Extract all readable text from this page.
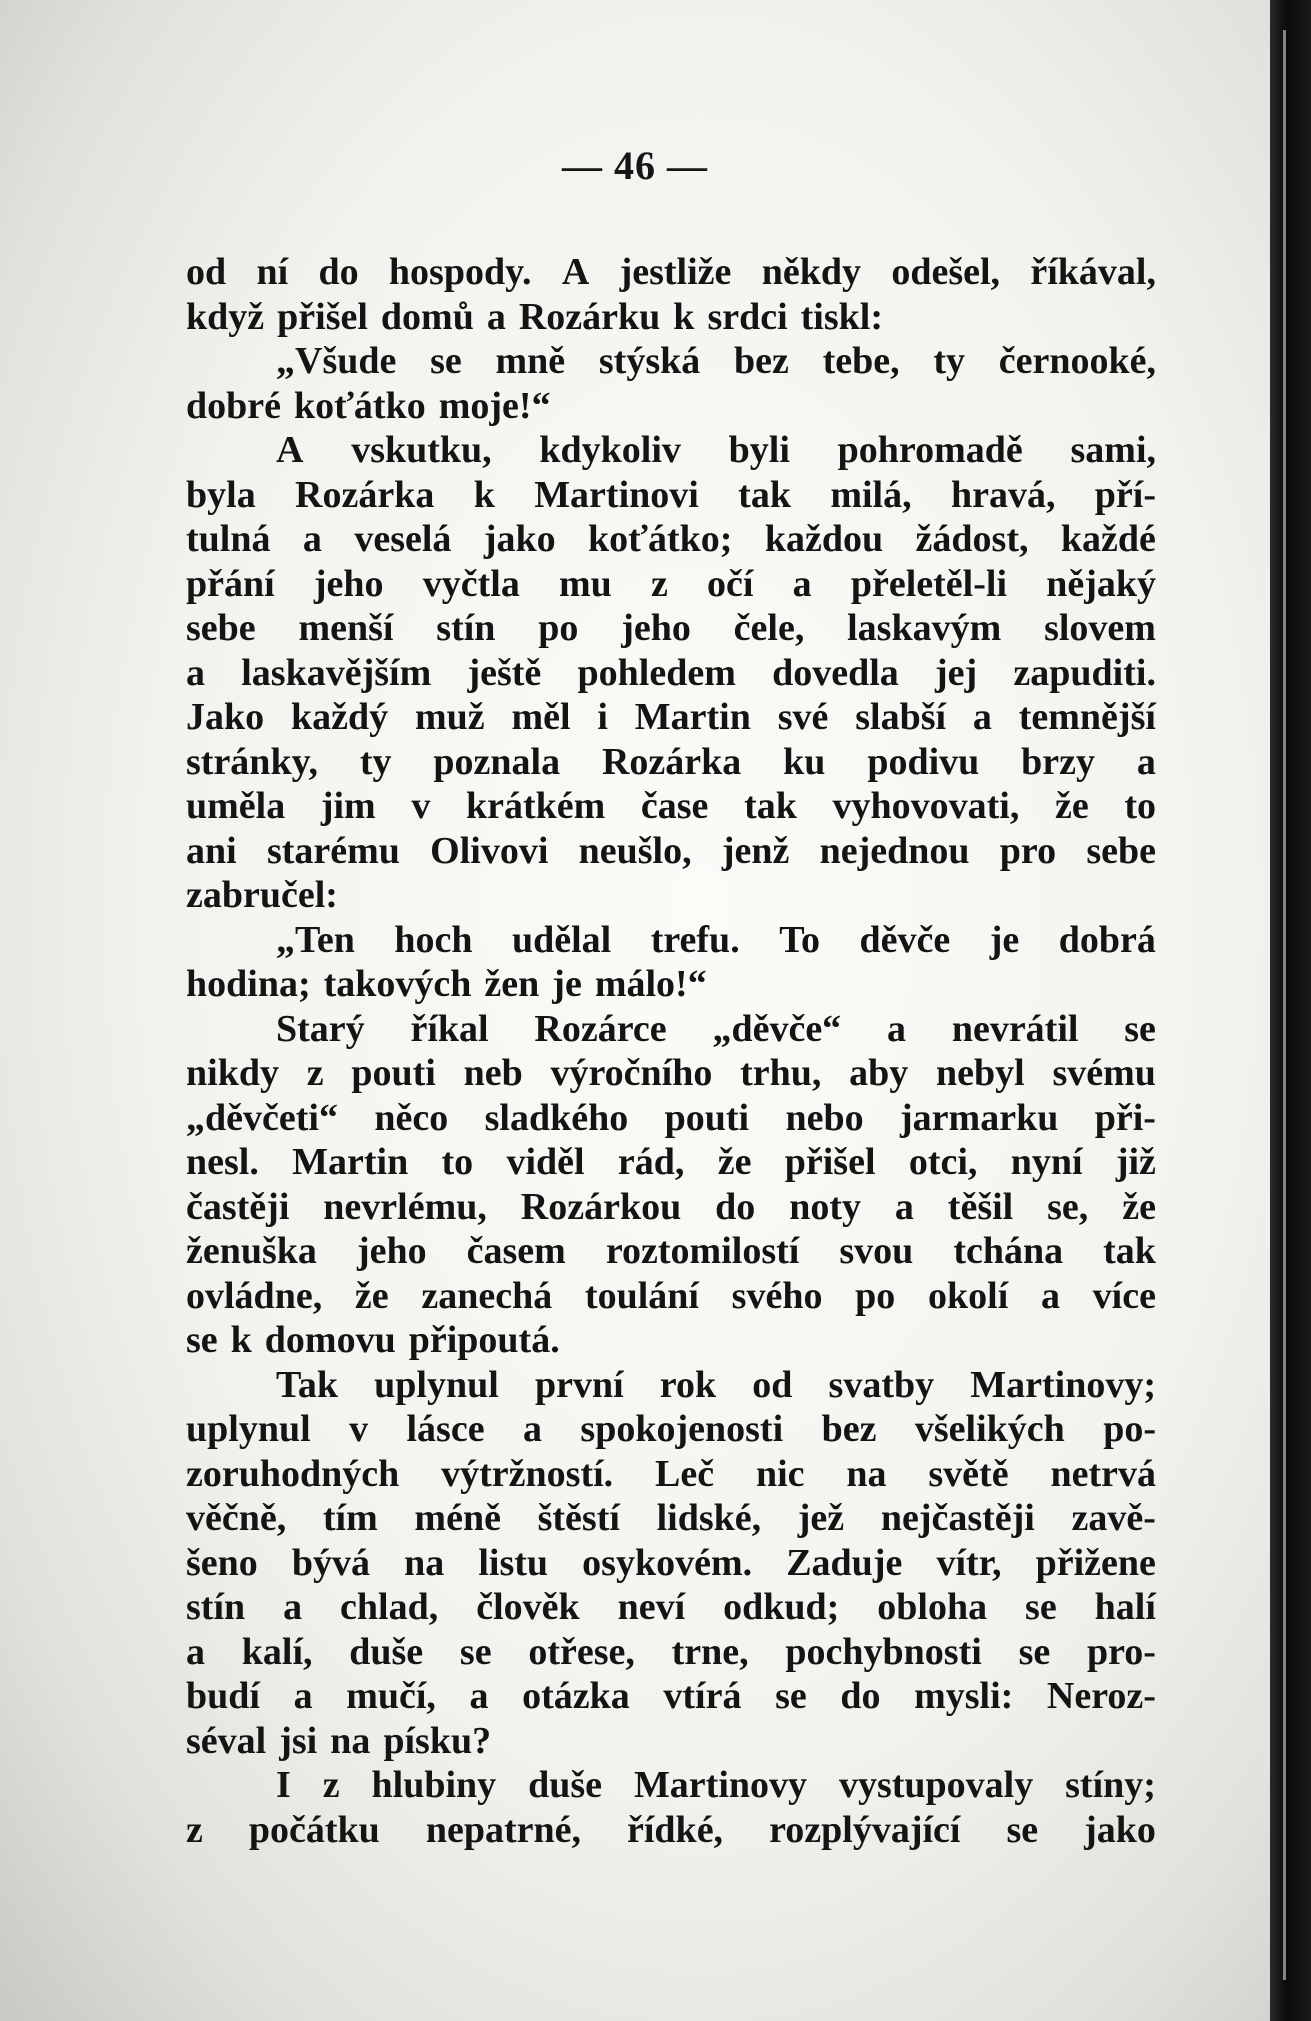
— 46 —
od ní do hospody. A jestliže někdy odešel, říkával,
když přišel domů a Rozárku k srdci tiskl:
„Všude se mně stýská bez tebe, ty černooké,
dobré koťátko moje!“
A vskutku, kdykoliv byli pohromadě sami,
byla Rozárka k Martinovi tak milá, hravá, pří-
tulná a veselá jako koťátko; každou žádost, každé
přání jeho vyčtla mu z očí a přeletěl-li nějaký
sebe menší stín po jeho čele, laskavým slovem
a laskavějším ještě pohledem dovedla jej zapuditi.
Jako každý muž měl i Martin své slabší a temnější
stránky, ty poznala Rozárka ku podivu brzy a
uměla jim v krátkém čase tak vyhovovati, že to
ani starému Olivovi neušlo, jenž nejednou pro sebe
zabručel:
„Ten hoch udělal trefu. To děvče je dobrá
hodina; takových žen je málo!“
Starý říkal Rozárce „děvče“ a nevrátil se
nikdy z pouti neb výročního trhu, aby nebyl svému
„děvčeti“ něco sladkého pouti nebo jarmarku při-
nesl. Martin to viděl rád, že přišel otci, nyní již
častěji nevrlému, Rozárkou do noty a těšil se, že
ženuška jeho časem roztomilostí svou tchána tak
ovládne, že zanechá toulání svého po okolí a více
se k domovu připoutá.
Tak uplynul první rok od svatby Martinovy;
uplynul v lásce a spokojenosti bez všelikých po-
zoruhodných výtržností. Leč nic na světě netrvá
věčně, tím méně štěstí lidské, jež nejčastěji zavě-
šeno bývá na listu osykovém. Zaduje vítr, přižene
stín a chlad, člověk neví odkud; obloha se halí
a kalí, duše se otřese, trne, pochybnosti se pro-
budí a mučí, a otázka vtírá se do mysli: Neroz-
séval jsi na písku?
I z hlubiny duše Martinovy vystupovaly stíny;
z počátku nepatrné, řídké, rozplývající se jako
